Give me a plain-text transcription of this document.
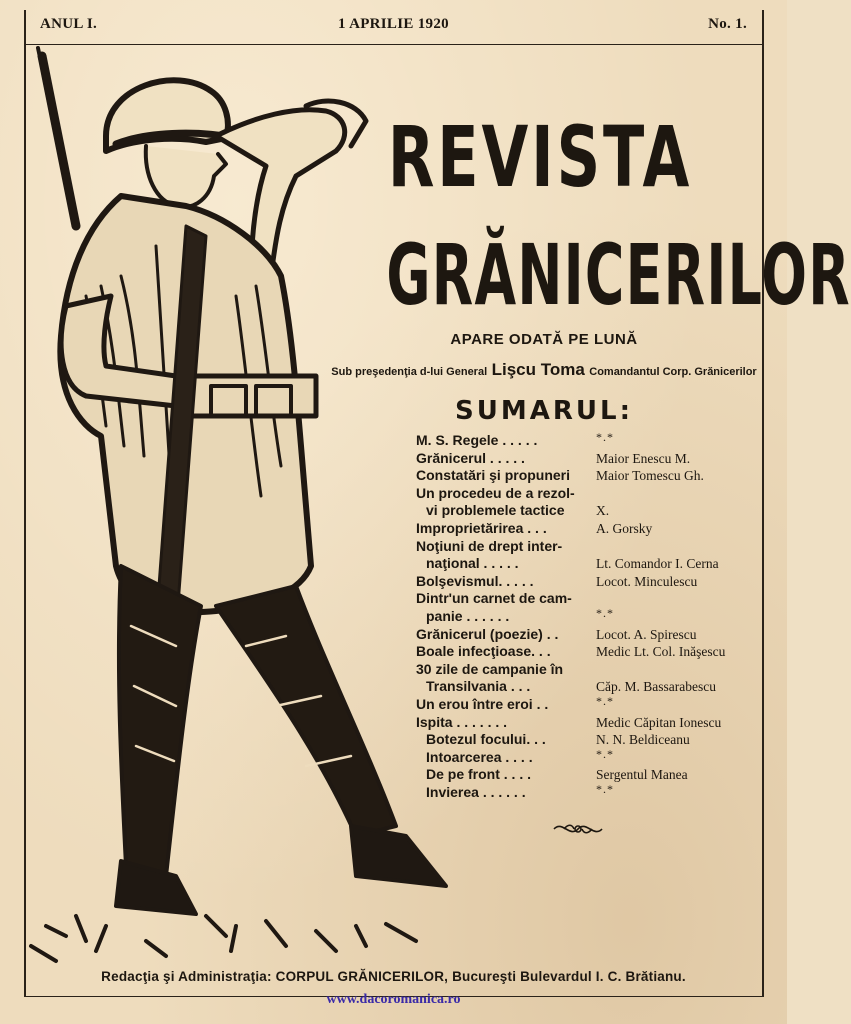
ANUL I.	1 APRILIE 1920	No. 1.
REVISTA
GRĂNICERILOR
APARE ODATĂ PE LUNĂ
Sub preşedenţia d-lui General Lişcu Toma Comandantul Corp. Grănicerilor
SUMARUL:
M. S. Regele . . . . .	*.*
Grănicerul . . . . .	Maior Enescu M.
Constatări şi propuneri	Maior Tomescu Gh.
Un procedeu de a rezol-
vi problemele tactice	X.
Improprietărirea . . .	A. Gorsky
Noţiuni de drept inter-
naţional . . . . .	Lt. Comandor I. Cerna
Bolşevismul. . . . .	Locot. Minculescu
Dintr'un carnet de cam-
panie . . . . . .	*.*
Grănicerul (poezie) . .	Locot. A. Spirescu
Boale infecţioase. . .	Medic Lt. Col. Inăşescu
30 zile de campanie în
Transilvania . . .	Căp. M. Bassarabescu
Un erou între eroi . .	*.*
Ispita . . . . . . .	Medic Căpitan Ionescu
Botezul focului. . .	N. N. Beldiceanu
Intoarcerea . . . .	*.*
De pe front . . . .	Sergentul Manea
Invierea . . . . . .	*.*
Redacţia şi Administraţia: CORPUL GRĂNICERILOR, Bucureşti Bulevardul I. C. Brătianu.
www.dacoromanica.ro
